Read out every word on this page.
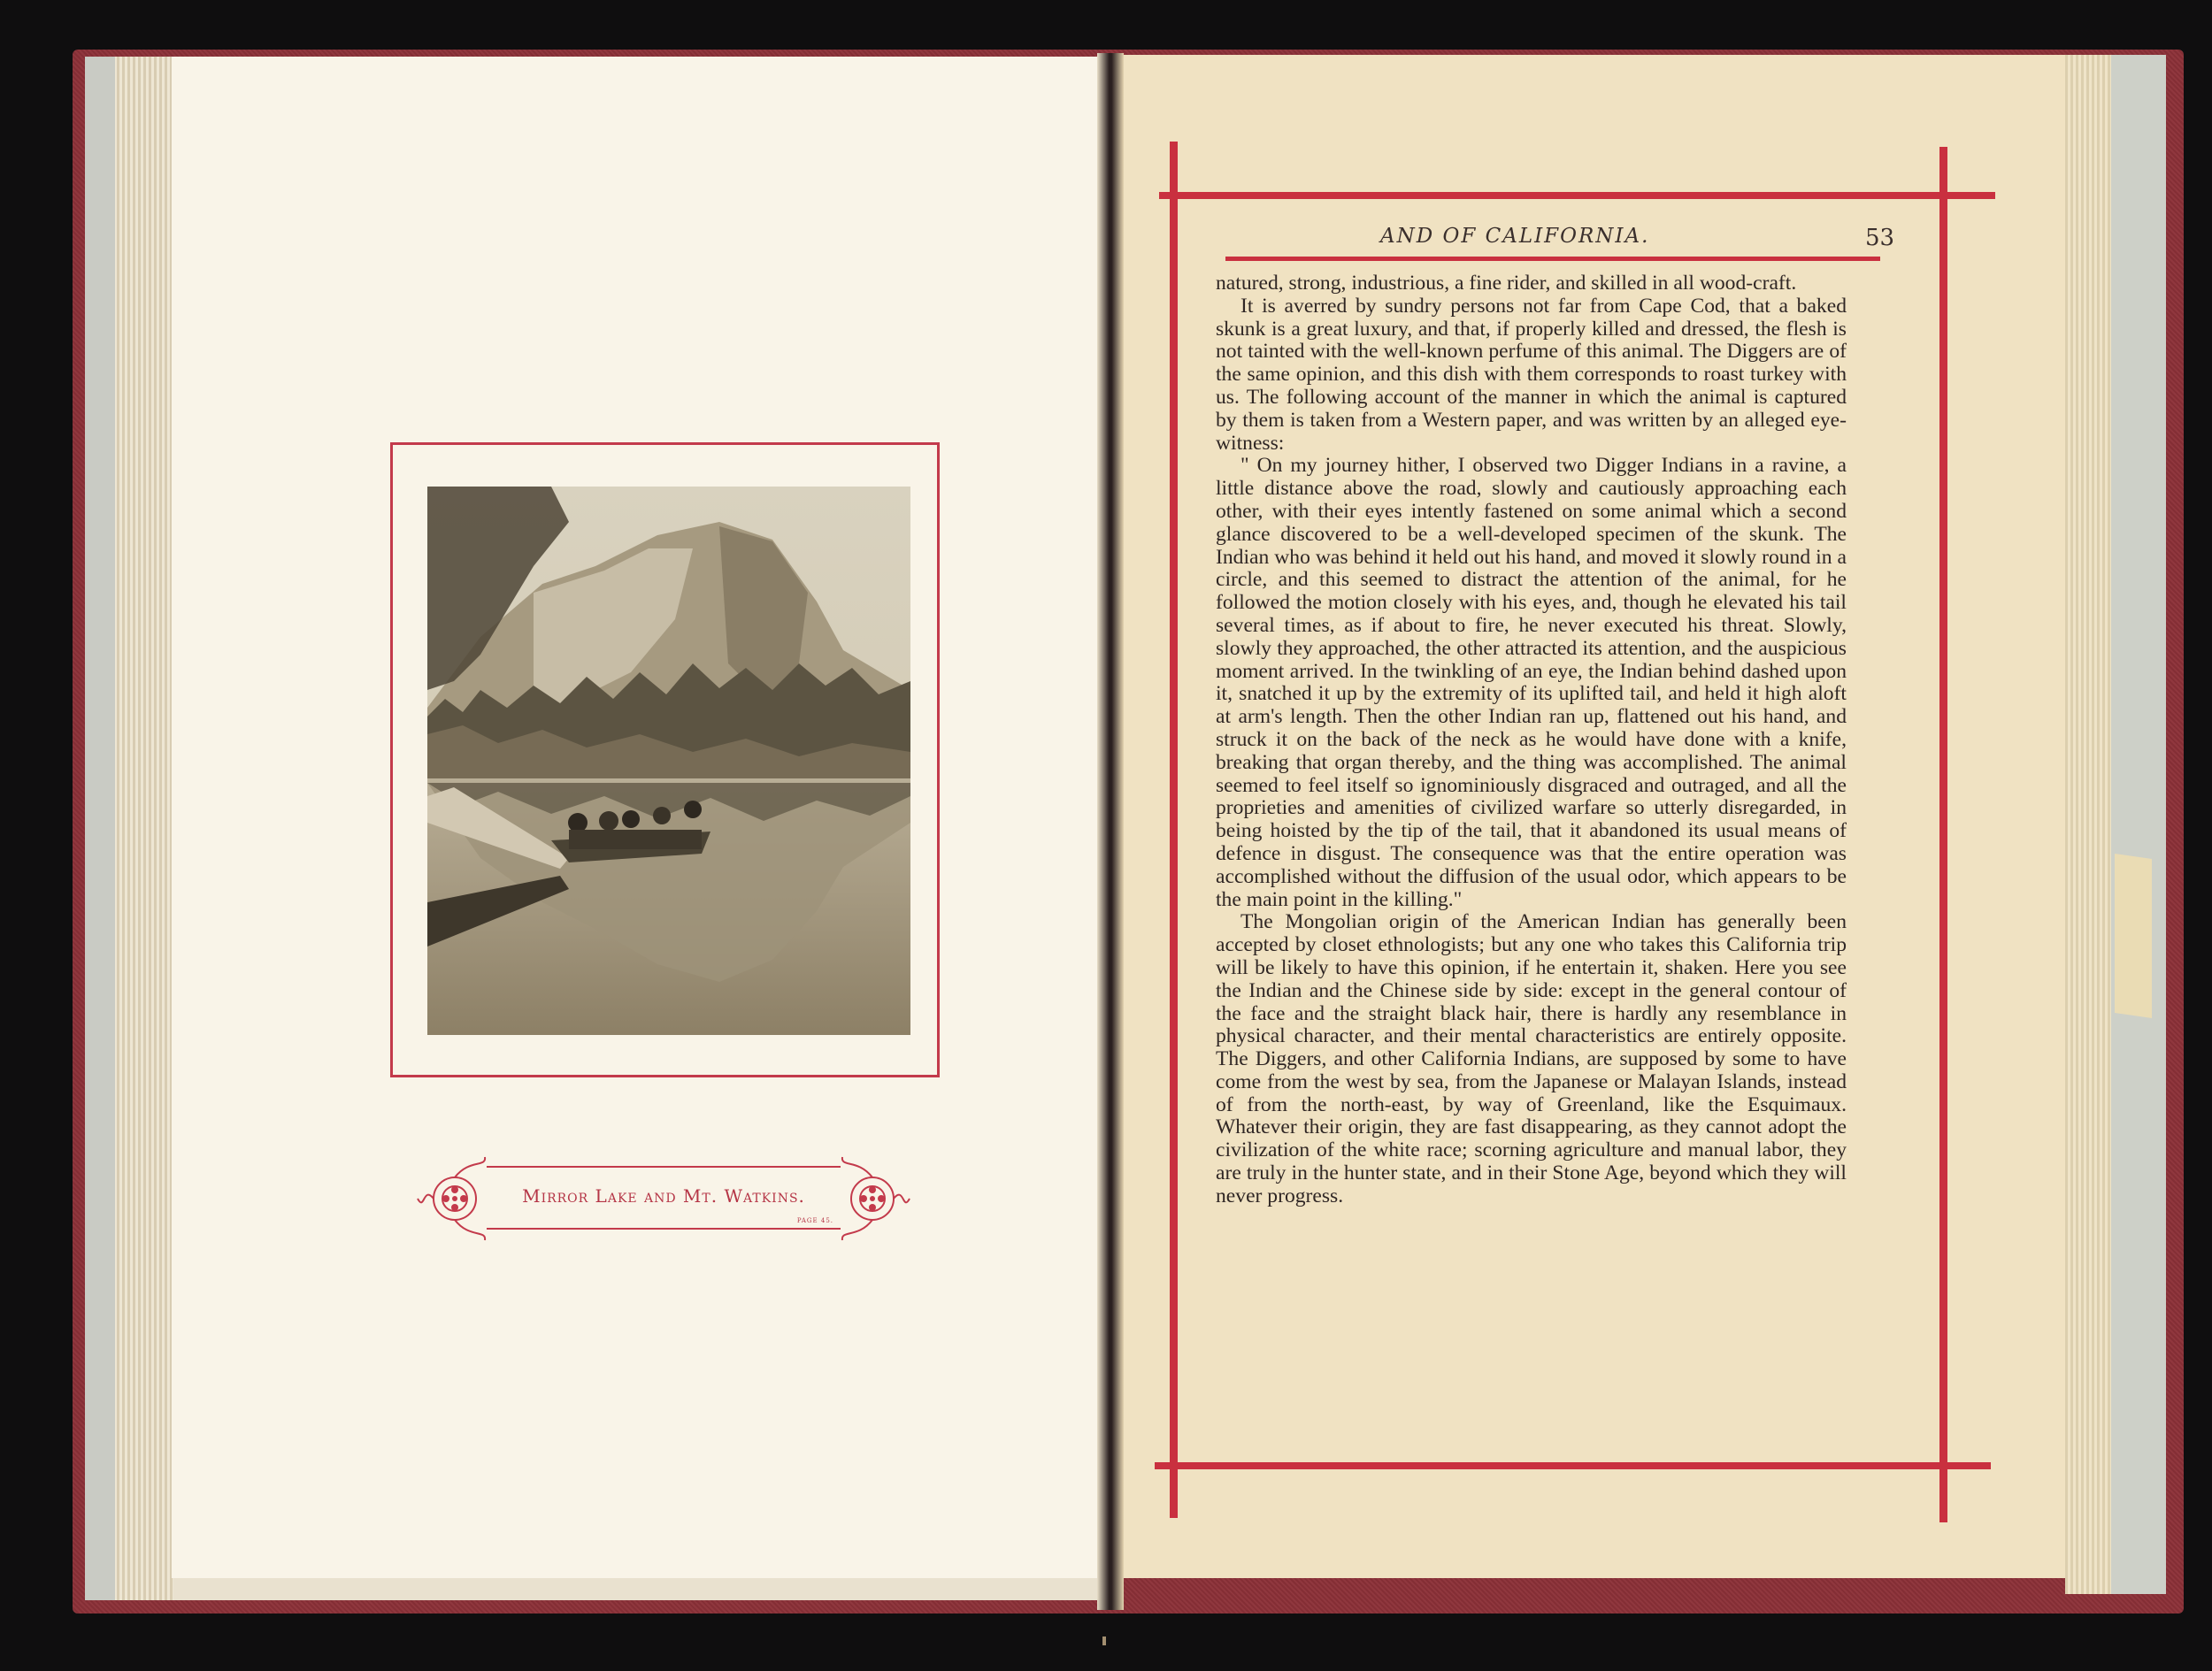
Mirror Lake and Mt. Watkins.
PAGE 45.
AND OF CALIFORNIA.	53

natured, strong, industrious, a fine rider, and skilled in all wood-craft.

It is averred by sundry persons not far from Cape Cod, that a baked skunk is a great luxury, and that, if properly killed and dressed, the flesh is not tainted with the well-known perfume of this animal. The Diggers are of the same opinion, and this dish with them corresponds to roast turkey with us. The following account of the manner in which the animal is captured by them is taken from a Western paper, and was written by an alleged eye-witness:

" On my journey hither, I observed two Digger Indians in a ravine, a little distance above the road, slowly and cautiously approaching each other, with their eyes intently fastened on some animal which a second glance discovered to be a well-developed specimen of the skunk. The Indian who was behind it held out his hand, and moved it slowly round in a circle, and this seemed to distract the attention of the animal, for he followed the motion closely with his eyes, and, though he elevated his tail several times, as if about to fire, he never executed his threat. Slowly, slowly they approached, the other attracted its attention, and the auspicious moment arrived. In the twinkling of an eye, the Indian behind dashed upon it, snatched it up by the extremity of its uplifted tail, and held it high aloft at arm's length. Then the other Indian ran up, flattened out his hand, and struck it on the back of the neck as he would have done with a knife, breaking that organ thereby, and the thing was accomplished. The animal seemed to feel itself so ignominiously disgraced and outraged, and all the proprieties and amenities of civilized warfare so utterly disregarded, in being hoisted by the tip of the tail, that it abandoned its usual means of defence in disgust. The consequence was that the entire operation was accomplished without the diffusion of the usual odor, which appears to be the main point in the killing."

The Mongolian origin of the American Indian has generally been accepted by closet ethnologists; but any one who takes this California trip will be likely to have this opinion, if he entertain it, shaken. Here you see the Indian and the Chinese side by side: except in the general contour of the face and the straight black hair, there is hardly any resemblance in physical character, and their mental characteristics are entirely opposite. The Diggers, and other California Indians, are supposed by some to have come from the west by sea, from the Japanese or Malayan Islands, instead of from the north-east, by way of Greenland, like the Esquimaux. Whatever their origin, they are fast disappearing, as they cannot adopt the civilization of the white race; scorning agriculture and manual labor, they are truly in the hunter state, and in their Stone Age, beyond which they will never progress.
